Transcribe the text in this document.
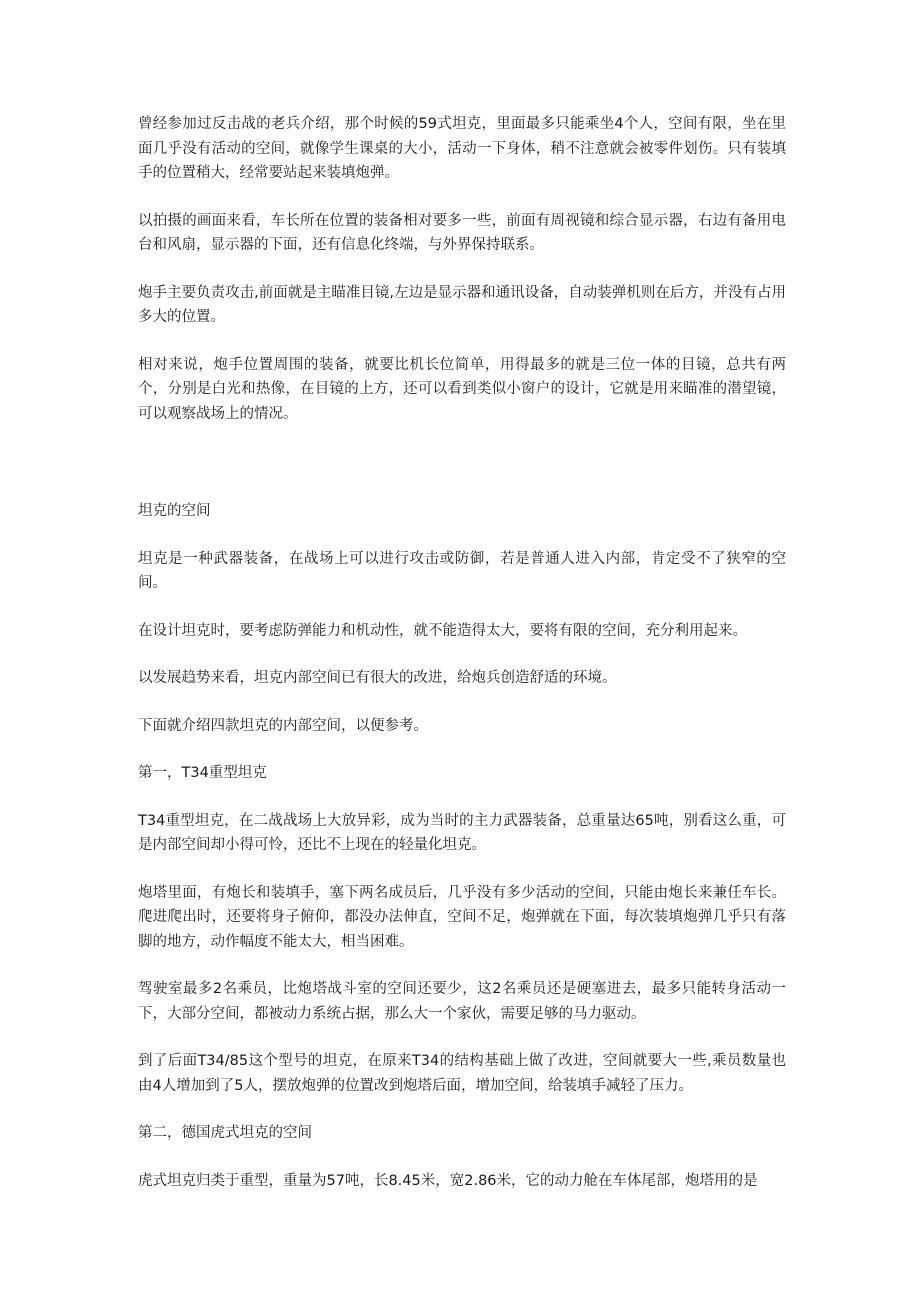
曾经参加过反击战的老兵介绍，那个时候的59式坦克，里面最多只能乘坐4个人，空间有限，坐在里面几乎没有活动的空间，就像学生课桌的大小，活动一下身体，稍不注意就会被零件划伤。只有装填手的位置稍大，经常要站起来装填炮弹。

以拍摄的画面来看，车长所在位置的装备相对要多一些，前面有周视镜和综合显示器，右边有备用电台和风扇，显示器的下面，还有信息化终端，与外界保持联系。

炮手主要负责攻击,前面就是主瞄准目镜,左边是显示器和通讯设备，自动装弹机则在后方，并没有占用多大的位置。

相对来说，炮手位置周围的装备，就要比机长位简单，用得最多的就是三位一体的目镜，总共有两个，分别是白光和热像，在目镜的上方，还可以看到类似小窗户的设计，它就是用来瞄准的潜望镜，可以观察战场上的情况。

坦克的空间

坦克是一种武器装备，在战场上可以进行攻击或防御，若是普通人进入内部，肯定受不了狭窄的空间。

在设计坦克时，要考虑防弹能力和机动性，就不能造得太大，要将有限的空间，充分利用起来。

以发展趋势来看，坦克内部空间已有很大的改进，给炮兵创造舒适的环境。

下面就介绍四款坦克的内部空间，以便参考。

第一，T34重型坦克

T34重型坦克，在二战战场上大放异彩，成为当时的主力武器装备，总重量达65吨，别看这么重，可是内部空间却小得可怜，还比不上现在的轻量化坦克。

炮塔里面，有炮长和装填手，塞下两名成员后，几乎没有多少活动的空间，只能由炮长来兼任车长。爬进爬出时，还要将身子俯仰，都没办法伸直，空间不足，炮弹就在下面，每次装填炮弹几乎只有落脚的地方，动作幅度不能太大，相当困难。

驾驶室最多2名乘员，比炮塔战斗室的空间还要少，这2名乘员还是硬塞进去，最多只能转身活动一下，大部分空间，都被动力系统占据，那么大一个家伙，需要足够的马力驱动。

到了后面T34/85这个型号的坦克，在原来T34的结构基础上做了改进，空间就要大一些,乘员数量也由4人增加到了5人，摆放炮弹的位置改到炮塔后面，增加空间，给装填手减轻了压力。

第二，德国虎式坦克的空间

虎式坦克归类于重型，重量为57吨，长8.45米，宽2.86米，它的动力舱在车体尾部，炮塔用的是
